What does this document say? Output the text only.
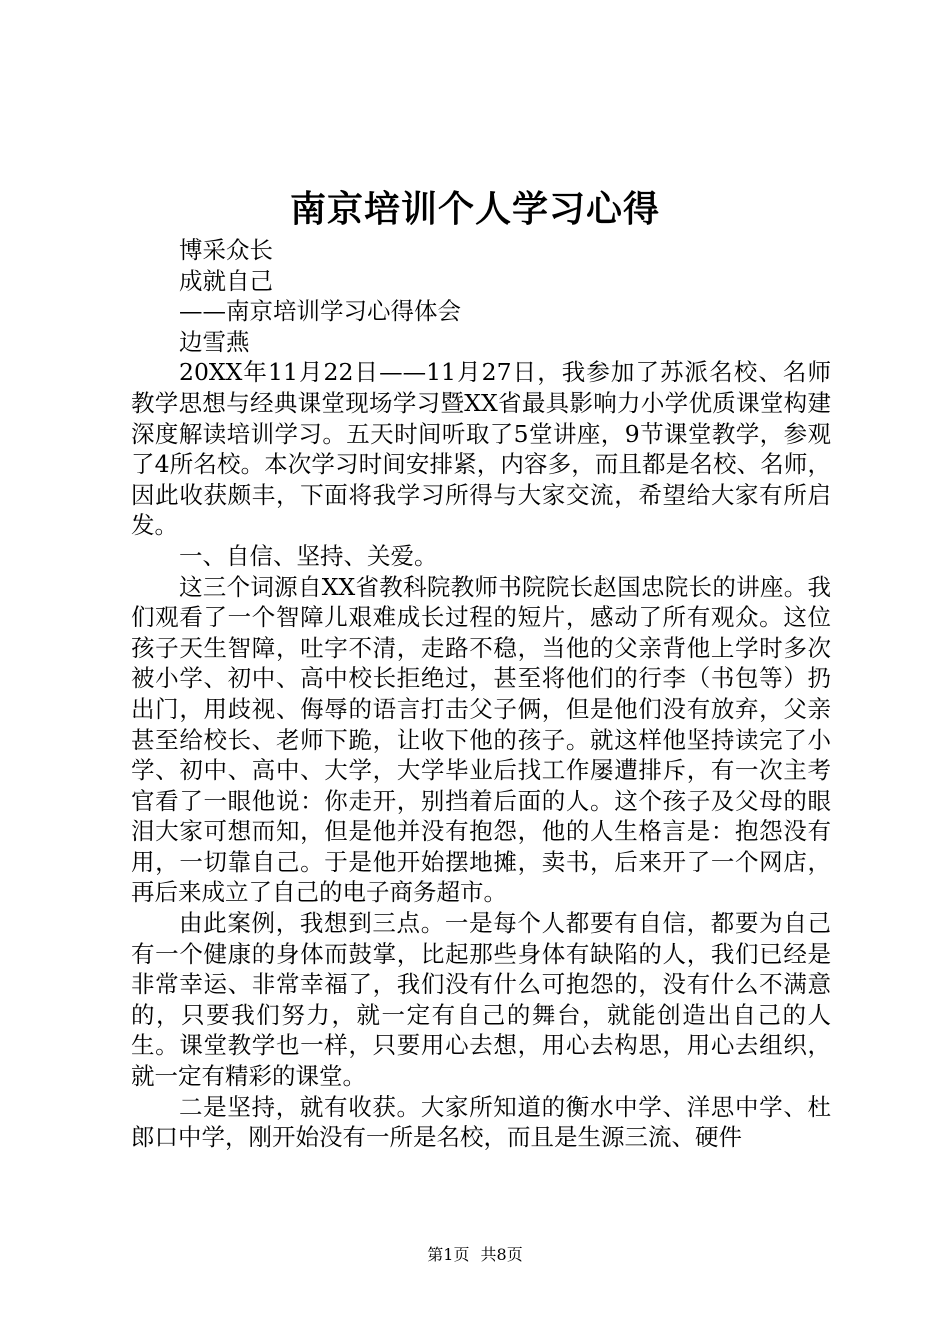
南京培训个人学习心得

博采众长

成就自己

——南京培训学习心得体会

边雪燕

20XX年11月22日——11月27日，我参加了苏派名校、名师教学思想与经典课堂现场学习暨XX省最具影响力小学优质课堂构建深度解读培训学习。五天时间听取了5堂讲座，9节课堂教学，参观了4所名校。本次学习时间安排紧，内容多，而且都是名校、名师，因此收获颇丰，下面将我学习所得与大家交流，希望给大家有所启发。

一、自信、坚持、关爱。

这三个词源自XX省教科院教师书院院长赵国忠院长的讲座。我们观看了一个智障儿艰难成长过程的短片，感动了所有观众。这位孩子天生智障，吐字不清，走路不稳，当他的父亲背他上学时多次被小学、初中、高中校长拒绝过，甚至将他们的行李（书包等）扔出门，用歧视、侮辱的语言打击父子俩，但是他们没有放弃，父亲甚至给校长、老师下跪，让收下他的孩子。就这样他坚持读完了小学、初中、高中、大学，大学毕业后找工作屡遭排斥，有一次主考官看了一眼他说：你走开，别挡着后面的人。这个孩子及父母的眼泪大家可想而知，但是他并没有抱怨，他的人生格言是：抱怨没有用，一切靠自己。于是他开始摆地摊，卖书，后来开了一个网店，再后来成立了自己的电子商务超市。

由此案例，我想到三点。一是每个人都要有自信，都要为自己有一个健康的身体而鼓掌，比起那些身体有缺陷的人，我们已经是非常幸运、非常幸福了，我们没有什么可抱怨的，没有什么不满意的，只要我们努力，就一定有自己的舞台，就能创造出自己的人生。课堂教学也一样，只要用心去想，用心去构思，用心去组织，就一定有精彩的课堂。

二是坚持，就有收获。大家所知道的衡水中学、洋思中学、杜郎口中学，刚开始没有一所是名校，而且是生源三流、硬件

第1页 共8页
